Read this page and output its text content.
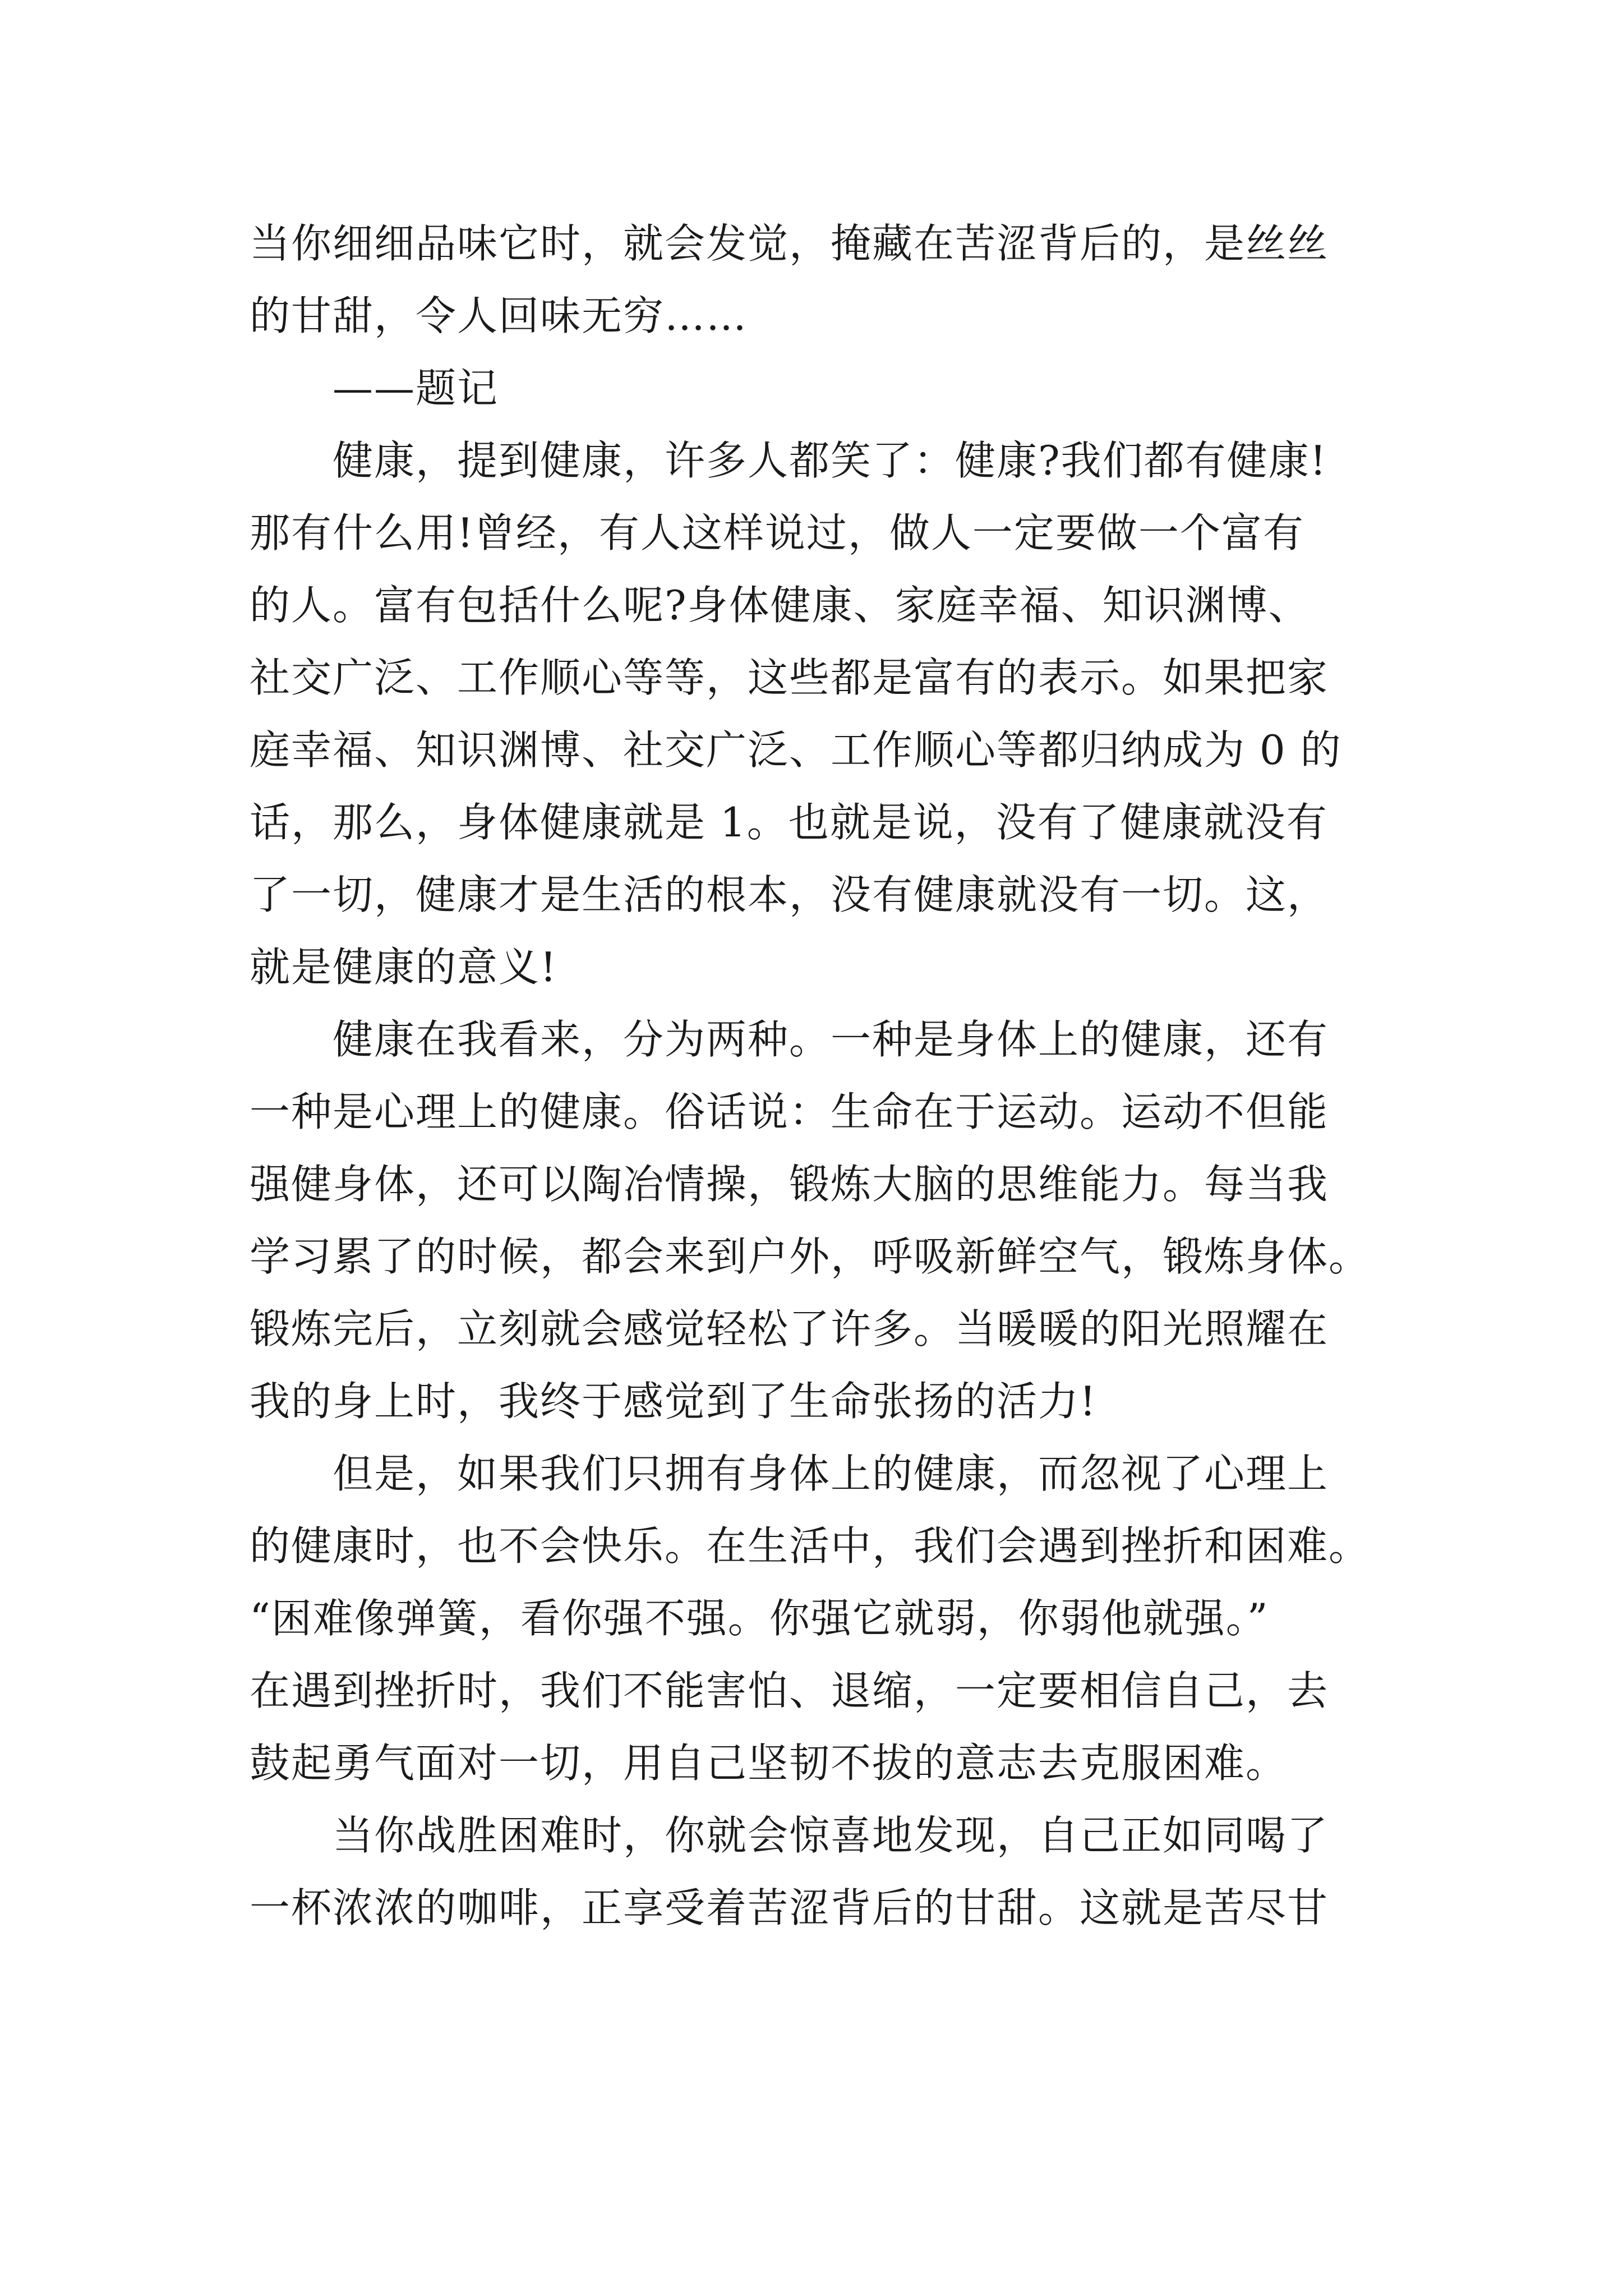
当你细细品味它时，就会发觉，掩藏在苦涩背后的，是丝丝
的甘甜，令人回味无穷……
——题记
健康，提到健康，许多人都笑了：健康?我们都有健康!
那有什么用!曾经，有人这样说过，做人一定要做一个富有
的人。富有包括什么呢?身体健康、家庭幸福、知识渊博、
社交广泛、工作顺心等等，这些都是富有的表示。如果把家
庭幸福、知识渊博、社交广泛、工作顺心等都归纳成为 0 的
话，那么，身体健康就是 1。也就是说，没有了健康就没有
了一切，健康才是生活的根本，没有健康就没有一切。这，
就是健康的意义!
健康在我看来，分为两种。一种是身体上的健康，还有
一种是心理上的健康。俗话说：生命在于运动。运动不但能
强健身体，还可以陶冶情操，锻炼大脑的思维能力。每当我
学习累了的时候，都会来到户外，呼吸新鲜空气，锻炼身体。
锻炼完后，立刻就会感觉轻松了许多。当暖暖的阳光照耀在
我的身上时，我终于感觉到了生命张扬的活力!
但是，如果我们只拥有身体上的健康，而忽视了心理上
的健康时，也不会快乐。在生活中，我们会遇到挫折和困难。
“困难像弹簧，看你强不强。你强它就弱，你弱他就强。”
在遇到挫折时，我们不能害怕、退缩，一定要相信自己，去
鼓起勇气面对一切，用自己坚韧不拔的意志去克服困难。
当你战胜困难时，你就会惊喜地发现，自己正如同喝了
一杯浓浓的咖啡，正享受着苦涩背后的甘甜。这就是苦尽甘
